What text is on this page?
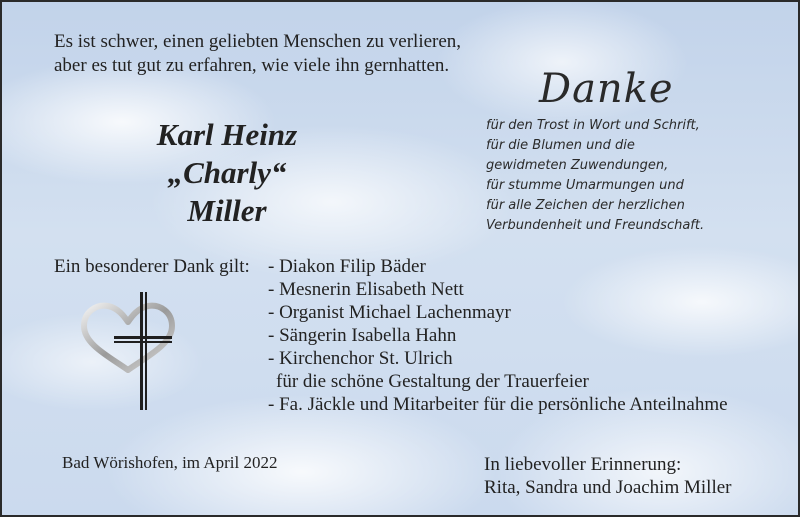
Es ist schwer, einen geliebten Menschen zu verlieren,
aber es tut gut zu erfahren, wie viele ihn gernhatten.
Danke
für den Trost in Wort und Schrift,
für die Blumen und die
gewidmeten Zuwendungen,
für stumme Umarmungen und
für alle Zeichen der herzlichen
Verbundenheit und Freundschaft.
Karl Heinz
„Charly“
Miller
Ein besonderer Dank gilt: - Diakon Filip Bäder
- Mesnerin Elisabeth Nett
- Organist Michael Lachenmayr
- Sängerin Isabella Hahn
- Kirchenchor St. Ulrich
für die schöne Gestaltung der Trauerfeier
- Fa. Jäckle und Mitarbeiter für die persönliche Anteilnahme
Bad Wörishofen, im April 2022	In liebevoller Erinnerung:
Rita, Sandra und Joachim Miller
